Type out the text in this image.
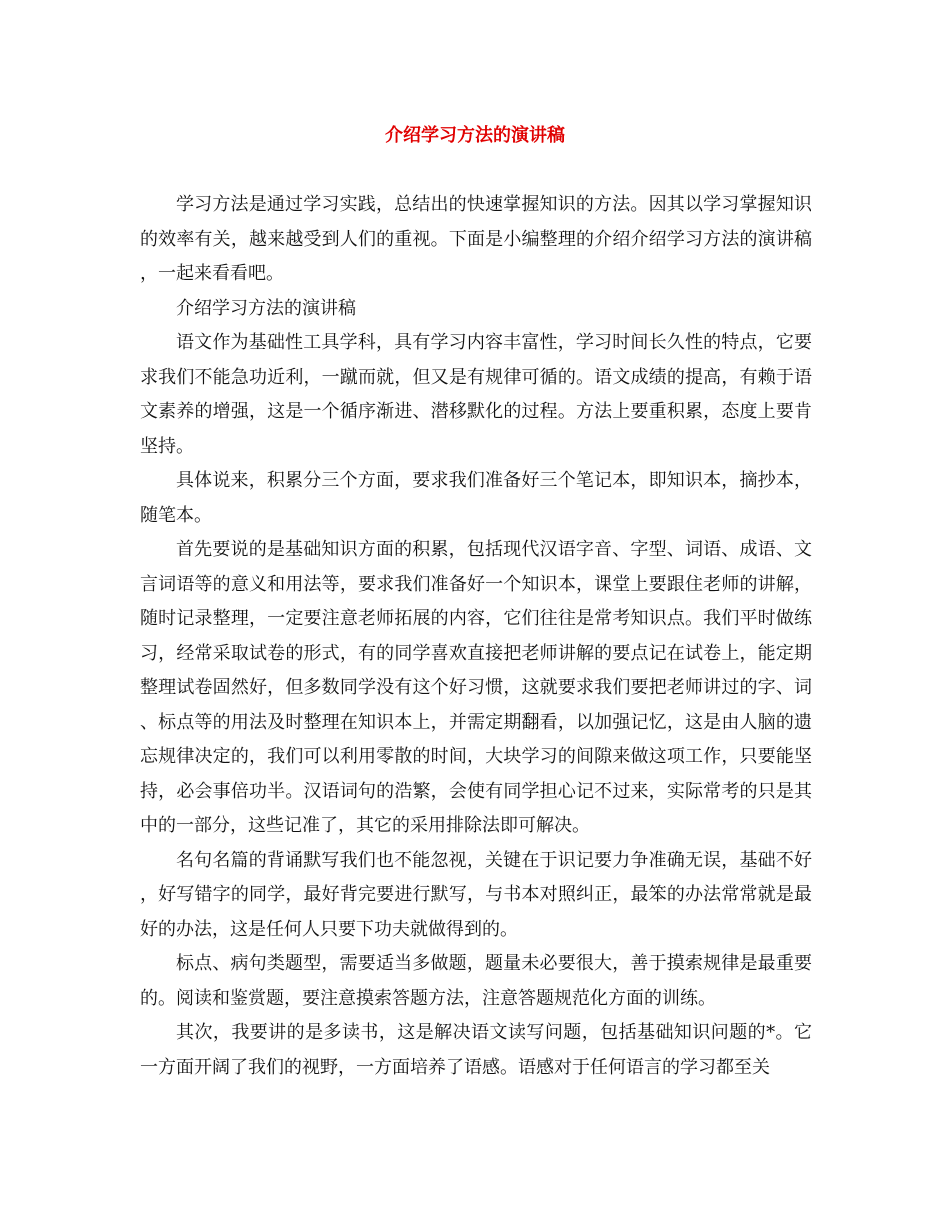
介绍学习方法的演讲稿

学习方法是通过学习实践，总结出的快速掌握知识的方法。因其以学习掌握知识的效率有关，越来越受到人们的重视。下面是小编整理的介绍介绍学习方法的演讲稿，一起来看看吧。

介绍学习方法的演讲稿

语文作为基础性工具学科，具有学习内容丰富性，学习时间长久性的特点，它要求我们不能急功近利，一蹴而就，但又是有规律可循的。语文成绩的提高，有赖于语文素养的增强，这是一个循序渐进、潜移默化的过程。方法上要重积累，态度上要肯坚持。

具体说来，积累分三个方面，要求我们准备好三个笔记本，即知识本，摘抄本，随笔本。

首先要说的是基础知识方面的积累，包括现代汉语字音、字型、词语、成语、文言词语等的意义和用法等，要求我们准备好一个知识本，课堂上要跟住老师的讲解，随时记录整理，一定要注意老师拓展的内容，它们往往是常考知识点。我们平时做练习，经常采取试卷的形式，有的同学喜欢直接把老师讲解的要点记在试卷上，能定期整理试卷固然好，但多数同学没有这个好习惯，这就要求我们要把老师讲过的字、词、标点等的用法及时整理在知识本上，并需定期翻看，以加强记忆，这是由人脑的遗忘规律决定的，我们可以利用零散的时间，大块学习的间隙来做这项工作，只要能坚持，必会事倍功半。汉语词句的浩繁，会使有同学担心记不过来，实际常考的只是其中的一部分，这些记准了，其它的采用排除法即可解决。

名句名篇的背诵默写我们也不能忽视，关键在于识记要力争准确无误，基础不好，好写错字的同学，最好背完要进行默写，与书本对照纠正，最笨的办法常常就是最好的办法，这是任何人只要下功夫就做得到的。

标点、病句类题型，需要适当多做题，题量未必要很大，善于摸索规律是最重要的。阅读和鉴赏题，要注意摸索答题方法，注意答题规范化方面的训练。

其次，我要讲的是多读书，这是解决语文读写问题，包括基础知识问题的*。它一方面开阔了我们的视野，一方面培养了语感。语感对于任何语言的学习都至关
